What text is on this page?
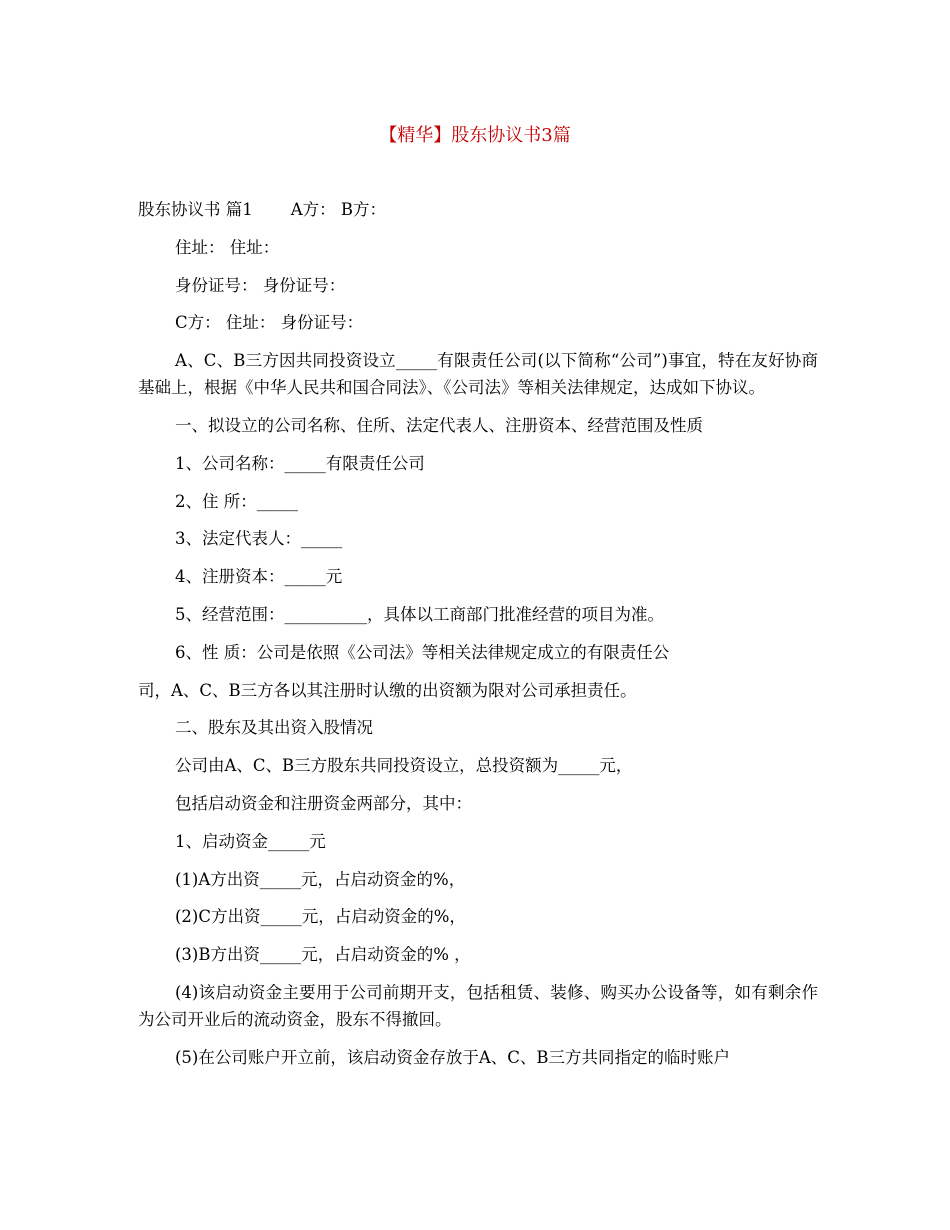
【精华】股东协议书3篇
股东协议书 篇1 A方： B方：
住址： 住址：
身份证号： 身份证号：
C方： 住址： 身份证号：
A、C、B三方因共同投资设立_____有限责任公司(以下简称“公司”)事宜，特在友好协商基础上，根据《中华人民共和国合同法》、《公司法》等相关法律规定，达成如下协议。
一、拟设立的公司名称、住所、法定代表人、注册资本、经营范围及性质
1、公司名称：_____有限责任公司
2、住 所：_____
3、法定代表人：_____
4、注册资本：_____元
5、经营范围：__________，具体以工商部门批准经营的项目为准。
6、性 质：公司是依照《公司法》等相关法律规定成立的有限责任公
司，A、C、B三方各以其注册时认缴的出资额为限对公司承担责任。
二、股东及其出资入股情况
公司由A、C、B三方股东共同投资设立，总投资额为_____元，
包括启动资金和注册资金两部分，其中：
1、启动资金_____元
(1)A方出资_____元，占启动资金的%，
(2)C方出资_____元，占启动资金的%，
(3)B方出资_____元，占启动资金的% ，
(4)该启动资金主要用于公司前期开支，包括租赁、装修、购买办公设备等，如有剩余作为公司开业后的流动资金，股东不得撤回。
(5)在公司账户开立前，该启动资金存放于A、C、B三方共同指定的临时账户
